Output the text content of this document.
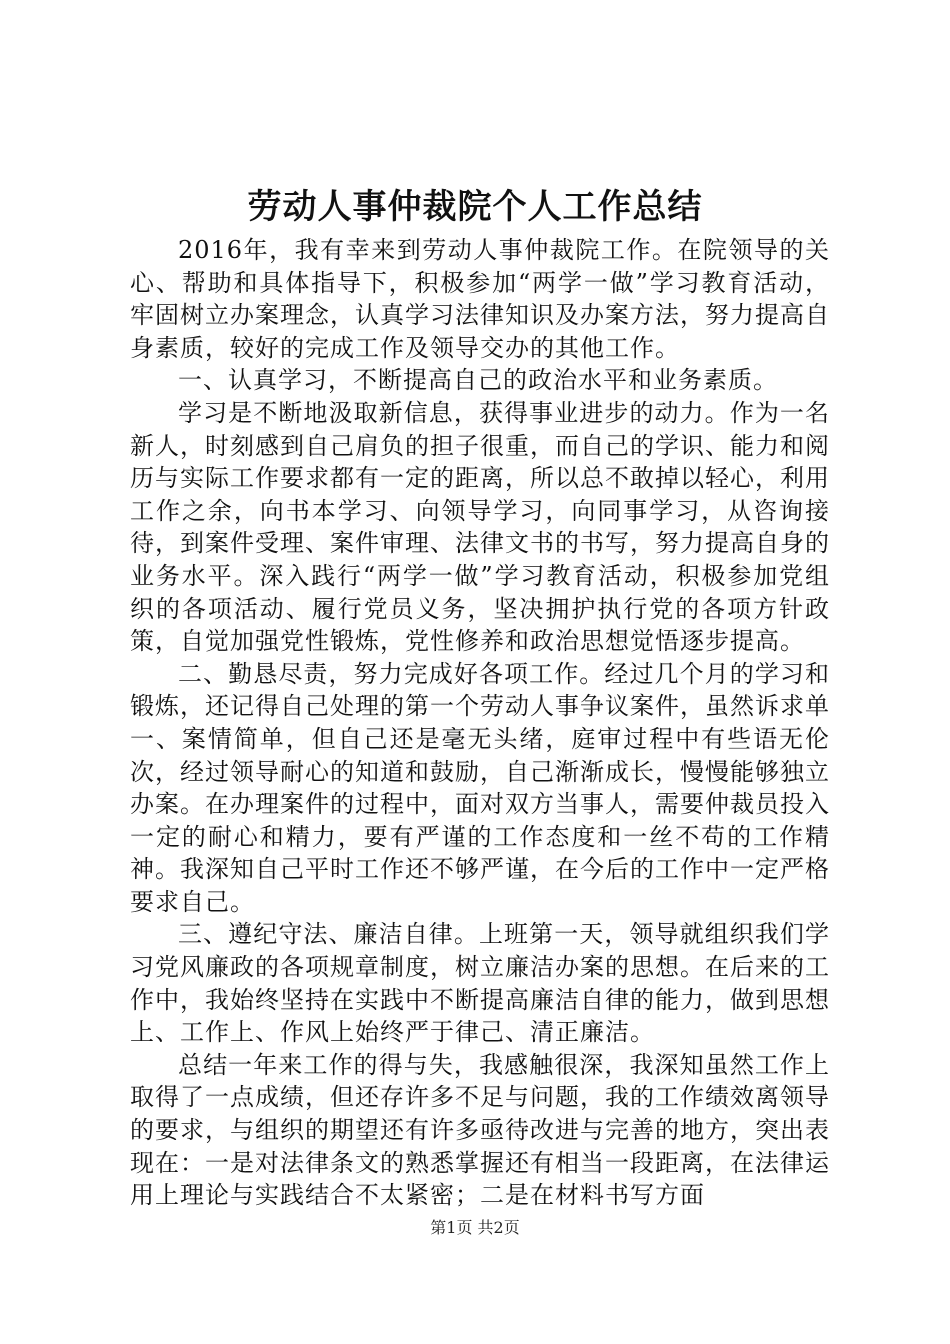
劳动人事仲裁院个人工作总结

2016年，我有幸来到劳动人事仲裁院工作。在院领导的关心、帮助和具体指导下，积极参加“两学一做”学习教育活动，牢固树立办案理念，认真学习法律知识及办案方法，努力提高自身素质，较好的完成工作及领导交办的其他工作。

一、认真学习，不断提高自己的政治水平和业务素质。

学习是不断地汲取新信息，获得事业进步的动力。作为一名新人，时刻感到自己肩负的担子很重，而自己的学识、能力和阅历与实际工作要求都有一定的距离，所以总不敢掉以轻心，利用工作之余，向书本学习、向领导学习，向同事学习，从咨询接待，到案件受理、案件审理、法律文书的书写，努力提高自身的业务水平。深入践行“两学一做”学习教育活动，积极参加党组织的各项活动、履行党员义务，坚决拥护执行党的各项方针政策，自觉加强党性锻炼，党性修养和政治思想觉悟逐步提高。

二、勤恳尽责，努力完成好各项工作。经过几个月的学习和锻炼，还记得自己处理的第一个劳动人事争议案件，虽然诉求单一、案情简单，但自己还是毫无头绪，庭审过程中有些语无伦次，经过领导耐心的知道和鼓励，自己渐渐成长，慢慢能够独立办案。在办理案件的过程中，面对双方当事人，需要仲裁员投入一定的耐心和精力，要有严谨的工作态度和一丝不苟的工作精神。我深知自己平时工作还不够严谨，在今后的工作中一定严格要求自己。

三、遵纪守法、廉洁自律。上班第一天，领导就组织我们学习党风廉政的各项规章制度，树立廉洁办案的思想。在后来的工作中，我始终坚持在实践中不断提高廉洁自律的能力，做到思想上、工作上、作风上始终严于律己、清正廉洁。

总结一年来工作的得与失，我感触很深，我深知虽然工作上取得了一点成绩，但还存许多不足与问题，我的工作绩效离领导的要求，与组织的期望还有许多亟待改进与完善的地方，突出表现在：一是对法律条文的熟悉掌握还有相当一段距离，在法律运用上理论与实践结合不太紧密；二是在材料书写方面

第1页 共2页
